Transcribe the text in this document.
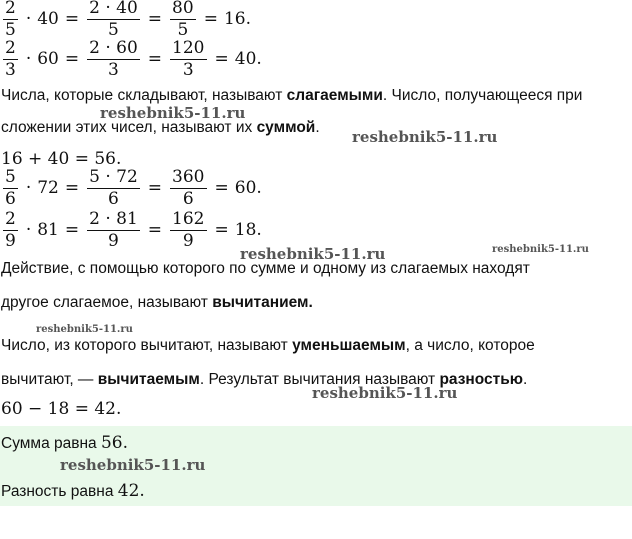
$\frac{2}{5} \cdot 40 = \frac{2 \cdot 40}{5} = \frac{80}{5} = 16$.
$\frac{2}{3} \cdot 60 = \frac{2 \cdot 60}{3} = \frac{120}{3} = 40$.
Числа, которые складывают, называют слагаемыми. Число, получающееся при
сложении этих чисел, называют их суммой.
16 + 40 = 56.
$\frac{5}{6} \cdot 72 = \frac{5 \cdot 72}{6} = \frac{360}{6} = 60$.
$\frac{2}{9} \cdot 81 = \frac{2 \cdot 81}{9} = \frac{162}{9} = 18$.
Действие, с помощью которого по сумме и одному из слагаемых находят
другое слагаемое, называют вычитанием.
Число, из которого вычитают, называют уменьшаемым, а число, которое
вычитают, — вычитаемым. Результат вычитания называют разностью.
60 − 18 = 42.
Сумма равна 56.
Разность равна 42.
reshebnik5-11.ru
reshebnik5-11.ru
reshebnik5-11.ru	reshebnik5-11.ru
reshebnik5-11.ru
reshebnik5-11.ru
reshebnik5-11.ru
